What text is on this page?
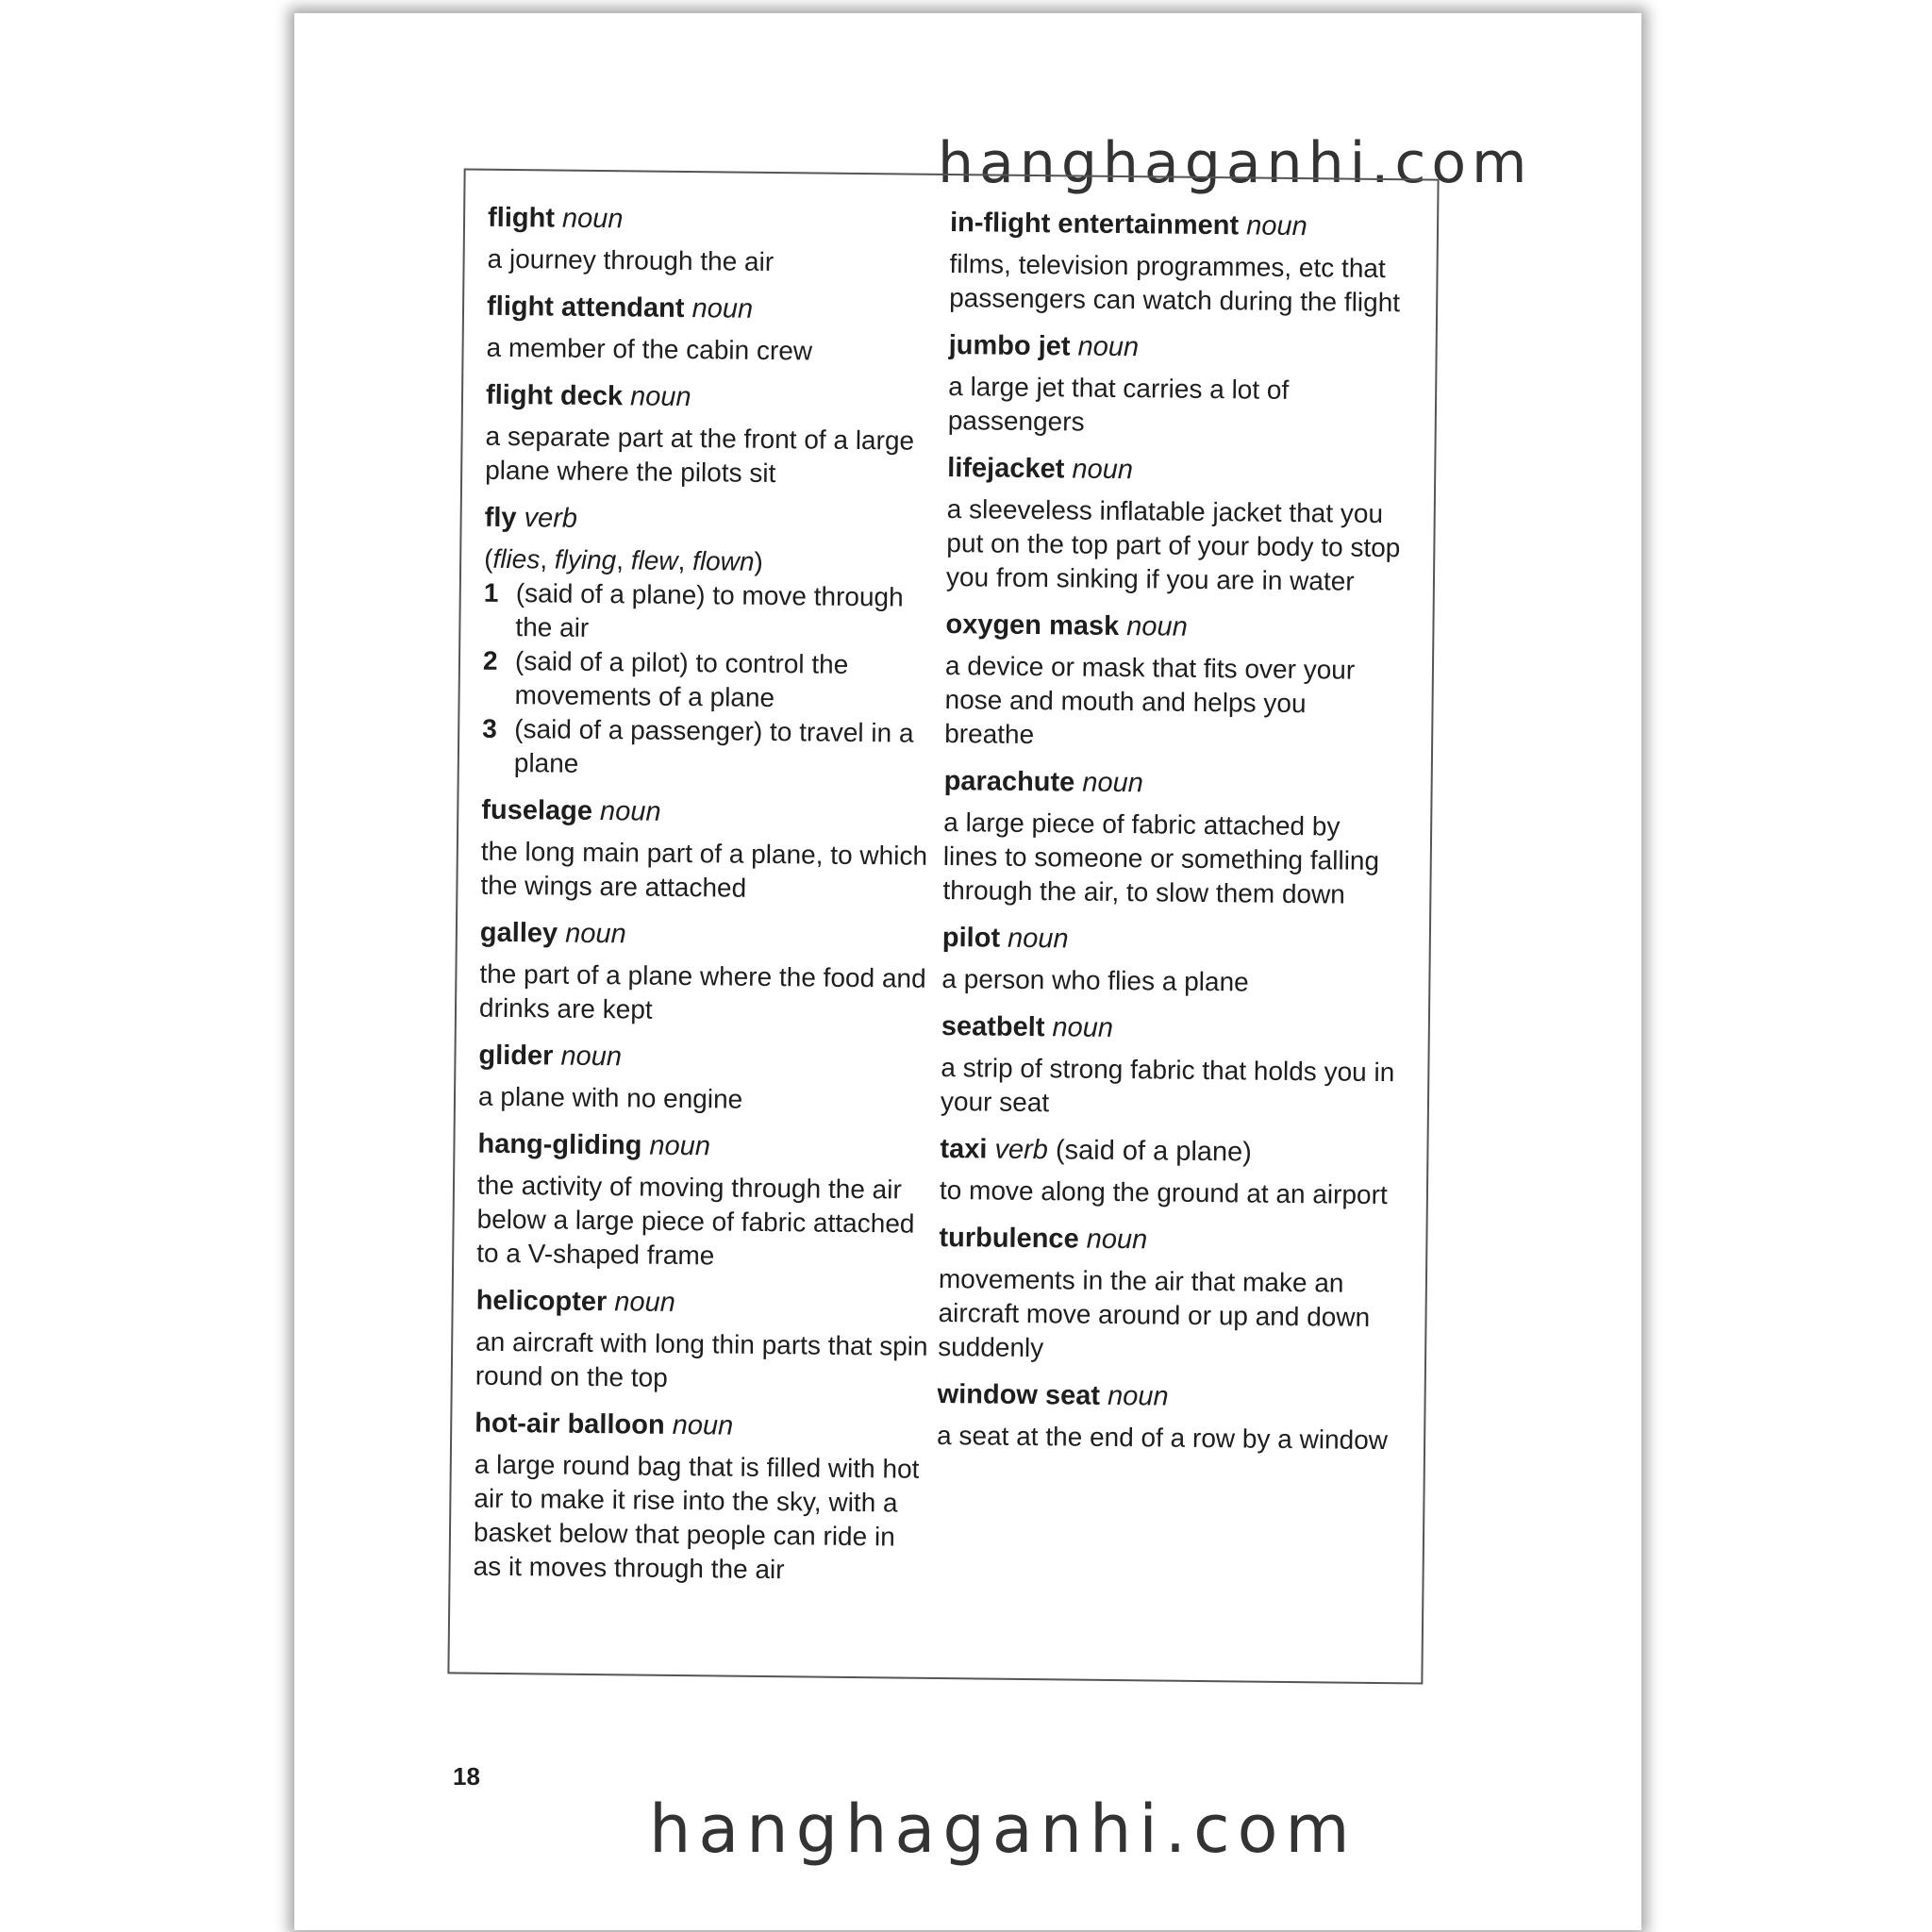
hanghaganhi.com
flight noun

a journey through the air

flight attendant noun

a member of the cabin crew

flight deck noun

a separate part at the front of a large plane where the pilots sit

fly verb

(flies, flying, flew, flown)

1 (said of a plane) to move through the air
2 (said of a pilot) to control the movements of a plane
3 (said of a passenger) to travel in a plane
fuselage noun

the long main part of a plane, to which the wings are attached

galley noun

the part of a plane where the food and drinks are kept

glider noun

a plane with no engine

hang-gliding noun

the activity of moving through the air below a large piece of fabric attached to a V-shaped frame

helicopter noun

an aircraft with long thin parts that spin round on the top

hot-air balloon noun

a large round bag that is filled with hot air to make it rise into the sky, with a basket below that people can ride in as it moves through the air

in-flight entertainment noun

films, television programmes, etc that passengers can watch during the flight

jumbo jet noun

a large jet that carries a lot of passengers

lifejacket noun

a sleeveless inflatable jacket that you put on the top part of your body to stop you from sinking if you are in water

oxygen mask noun

a device or mask that fits over your nose and mouth and helps you breathe

parachute noun

a large piece of fabric attached by lines to someone or something falling through the air, to slow them down

pilot noun

a person who flies a plane

seatbelt noun

a strip of strong fabric that holds you in your seat

taxi verb (said of a plane)

to move along the ground at an airport

turbulence noun

movements in the air that make an aircraft move around or up and down suddenly

window seat noun

a seat at the end of a row by a window

18
hanghaganhi.com
